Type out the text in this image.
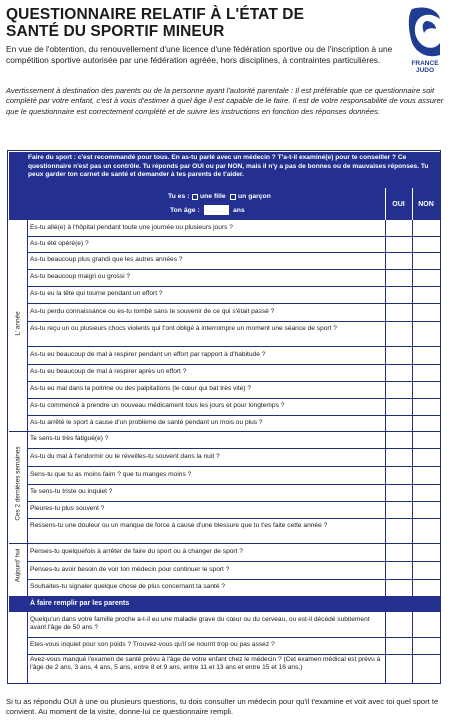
QUESTIONNAIRE RELATIF À L'ÉTAT DE
SANTÉ DU SPORTIF MINEUR
FRANCE
JUDO
En vue de l'obtention, du renouvellement d'une licence d'une fédération sportive ou de l'inscription à une compétition sportive autorisée par une fédération agréée, hors disciplines, à contraintes particulières.
Avertissement à destination des parents ou de la personne ayant l'autorité parentale : Il est préférable que ce questionnaire soit complété par votre enfant, c'est à vous d'estimer à quel âge il est capable de le faire. Il est de votre responsabilité de vous assurer que le questionnaire est correctement complété et de suivre les instructions en fonction des réponses données.
Faire du sport : c'est recommandé pour tous. En as-tu parlé avec un médecin ? T'a-t-il examiné(e) pour te conseiller ? Ce questionnaire n'est pas un contrôle. Tu réponds par OUI ou par NON, mais il n'y a pas de bonnes ou de mauvaises réponses. Tu peux garder ton carnet de santé et demander à tes parents de t'aider.
OUI	NON
Tu es : une fille un garçon
Ton âge :	ans
L' année
Ces 2 dernières semaines
Aujourd' hui
Es-tu allé(e) à l'hôpital pendant toute une journée ou plusieurs jours ?
As-tu été opéré(e) ?
As-tu beaucoup plus grandi que les autres années ?
As-tu beaucoup maigri ou grossi ?
As-tu eu la tête qui tourne pendant un effort ?
As-tu perdu connaissance ou es-tu tombé sans te souvenir de ce qui s'était passé ?
As-tu reçu un ou plusieurs chocs violents qui t'ont obligé à interrompre un moment une séance de sport ?
As-tu eu beaucoup de mal à respirer pendant un effort par rapport à d'habitude ?
As-tu eu beaucoup de mal à respirer après un effort ?
As-tu eu mal dans la poitrine ou des palpitations (le cœur qui bat très vite) ?
As-tu commencé à prendre un nouveau médicament tous les jours et pour longtemps ?
As-tu arrêté le sport à cause d'un problème de santé pendant un mois ou plus ?
Te sens-tu très fatigué(e) ?
As-tu du mal à t'endormir ou te réveilles-tu souvent dans la nuit ?
Sens-tu que tu as moins faim ? que tu manges moins ?
Te sens-tu triste ou inquiet ?
Pleures-tu plus souvent ?
Ressens-tu une douleur ou un manque de force à cause d'une blessure que tu t'es faite cette année ?
Penses-tu quelquefois à arrêter de faire du sport ou à changer de sport ?
Penses-tu avoir besoin de voir ton médecin pour continuer le sport ?
Souhaites-tu signaler quelque chose de plus concernant ta santé ?
Quelqu'un dans votre famille proche a-t-il eu une maladie grave du cœur ou du cerveau, ou est-il décédé subitement avant l'âge de 50 ans ?
Etes-vous inquiet pour son poids ? Trouvez-vous qu'il se nourrit trop ou pas assez ?
Avez-vous manqué l'examen de santé prévu à l'âge de votre enfant chez le médecin ? (Cet examen médical est prévu à l'âge de 2 ans, 3 ans, 4 ans, 5 ans, entre 8 et 9 ans, entre 11 et 13 ans et entre 15 et 16 ans.)
À faire remplir par les parents
Si tu as répondu OUI à une ou plusieurs questions, tu dois consulter un médecin pour qu'il t'examine et voit avec toi quel sport te convient. Au moment de la visite, donne-lui ce questionnaire rempli.
